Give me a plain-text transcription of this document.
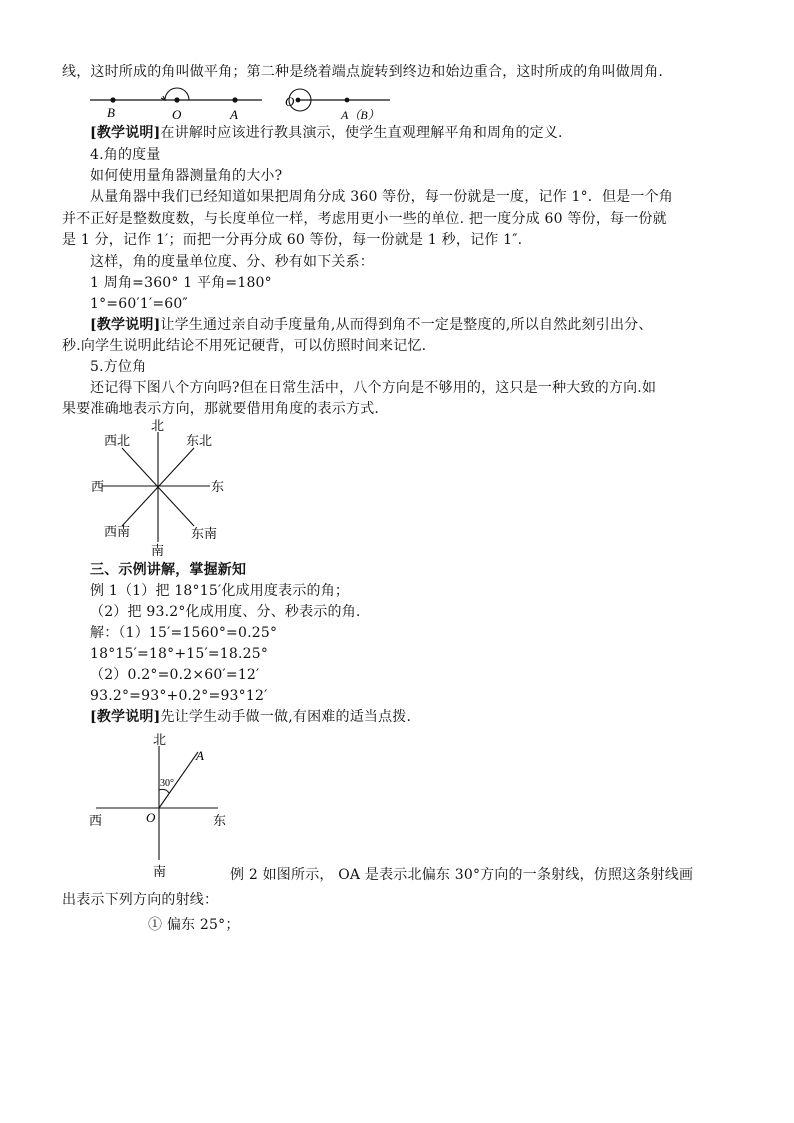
线，这时所成的角叫做平角；第二种是绕着端点旋转到终边和始边重合，这时所成的角叫做周角.
B	O	A
O
A（B）
[教学说明]在讲解时应该进行教具演示，使学生直观理解平角和周角的定义.
4.角的度量
如何使用量角器测量角的大小?
从量角器中我们已经知道如果把周角分成 360 等份，每一份就是一度，记作 1°．但是一个角
并不正好是整数度数，与长度单位一样，考虑用更小一些的单位. 把一度分成 60 等份，每一份就
是 1 分，记作 1′；而把一分再分成 60 等份，每一份就是 1 秒，记作 1″.
这样，角的度量单位度、分、秒有如下关系：
1 周角=360° 1 平角=180°
1°=60′1′=60″
[教学说明]让学生通过亲自动手度量角,从而得到角不一定是整度的,所以自然此刻引出分、
秒.向学生说明此结论不用死记硬背，可以仿照时间来记忆.
5.方位角
还记得下图八个方向吗?但在日常生活中，八个方向是不够用的，这只是一种大致的方向.如
果要准确地表示方向，那就要借用角度的表示方式.
北
南
东
西
东北
西北
东南
西南
三、示例讲解，掌握新知
例 1（1）把 18°15′化成用度表示的角；
（2）把 93.2°化成用度、分、秒表示的角.
解：（1）15′=1560°=0.25°
18°15′=18°+15′=18.25°
（2）0.2°=0.2×60′=12′
93.2°=93°+0.2°=93°12′
[教学说明]先让学生动手做一做,有困难的适当点拨.
北
南
东
西
A
O
30°
例 2 如图所示， OA 是表示北偏东 30°方向的一条射线，仿照这条射线画
出表示下列方向的射线：
① 偏东 25°；
